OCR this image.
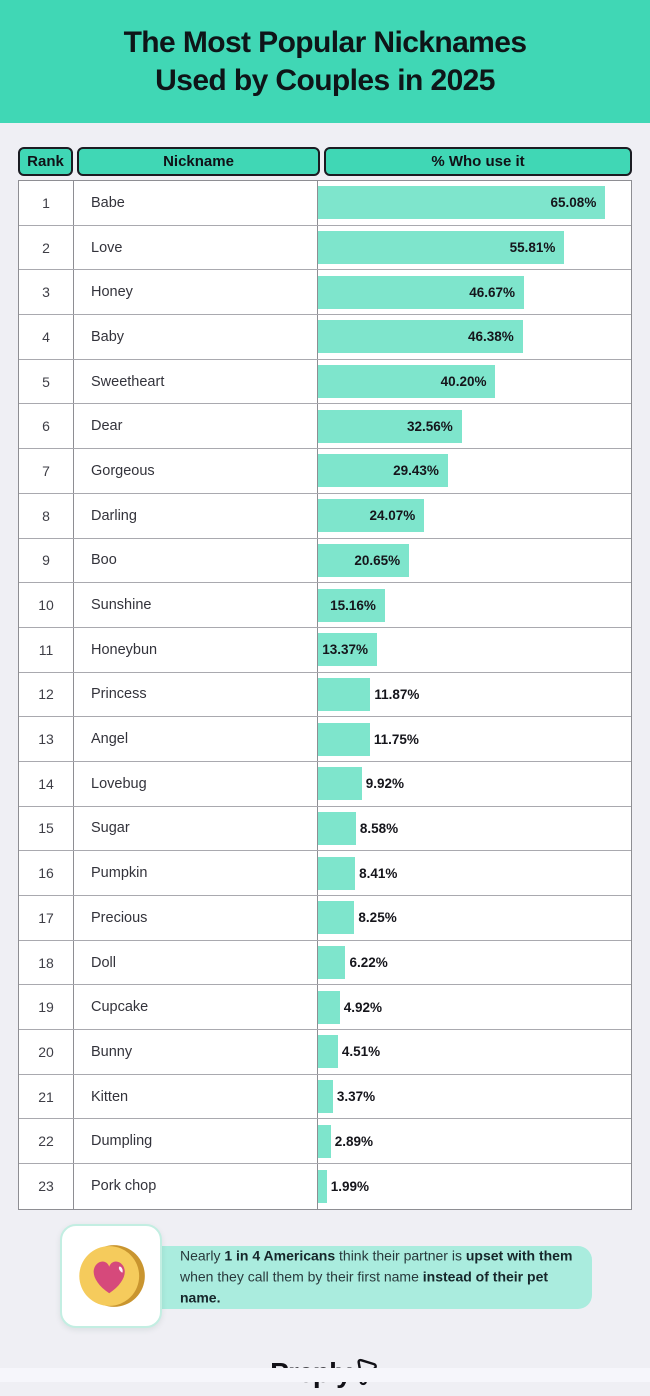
The Most Popular Nicknames
Used by Couples in 2025
Rank	Nickname	% Who use it
1	Babe	65.08%
2	Love	55.81%
3	Honey	46.67%
4	Baby	46.38%
5	Sweetheart	40.20%
6	Dear	32.56%
7	Gorgeous	29.43%
8	Darling	24.07%
9	Boo	20.65%
10	Sunshine	15.16%
11	Honeybun	13.37%
12	Princess	11.87%
13	Angel	11.75%
14	Lovebug	9.92%
15	Sugar	8.58%
16	Pumpkin	8.41%
17	Precious	8.25%
18	Doll	6.22%
19	Cupcake	4.92%
20	Bunny	4.51%
21	Kitten	3.37%
22	Dumpling	2.89%
23	Pork chop	1.99%

Nearly 1 in 4 Americans think their partner is upset with them when they call them by their first name instead of their pet name.
